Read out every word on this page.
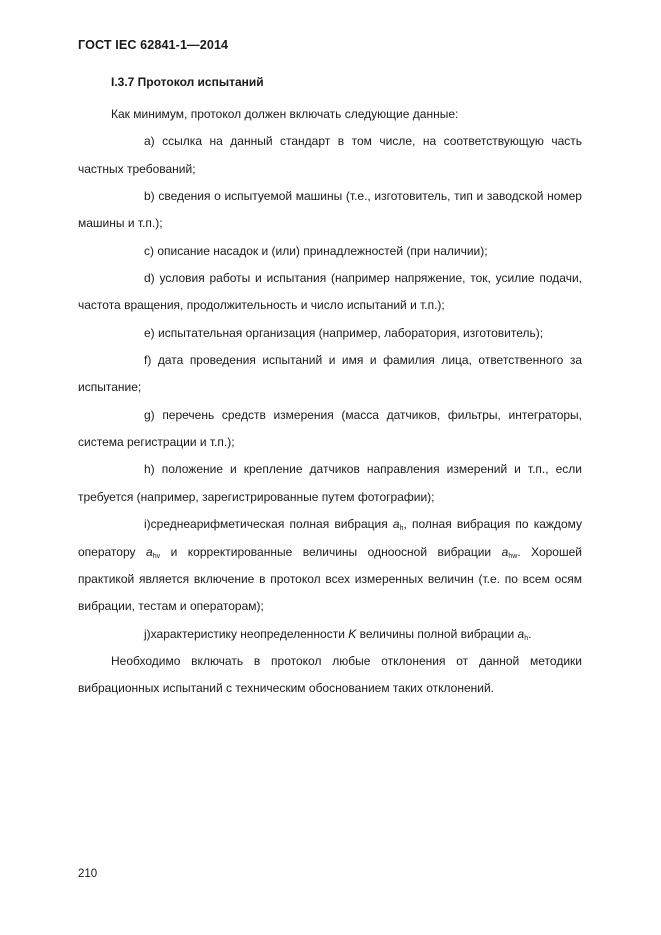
ГОСТ IEC 62841-1—2014
I.3.7 Протокол испытаний

Как минимум, протокол должен включать следующие данные:

a) ссылка на данный стандарт в том числе, на соответствующую часть частных требований;

b) сведения о испытуемой машины (т.е., изготовитель, тип и заводской номер машины и т.п.);

c) описание насадок и (или) принадлежностей (при наличии);

d) условия работы и испытания (например напряжение, ток, усилие подачи, частота вращения, продолжительность и число испытаний и т.п.);

e) испытательная организация (например, лаборатория, изготовитель);

f) дата проведения испытаний и имя и фамилия лица, ответственного за испытание;

g) перечень средств измерения (масса датчиков, фильтры, интеграторы, система регистрации и т.п.);

h) положение и крепление датчиков направления измерений и т.п., если требуется (например, зарегистрированные путем фотографии);

i)среднеарифметическая полная вибрация $a_h$, полная вибрация по каждому оператору $a_{hv}$ и корректированные величины одноосной вибрации $a_{hw}$. Хорошей практикой является включение в протокол всех измеренных величин (т.е. по всем осям вибрации, тестам и операторам);

j)характеристику неопределенности K величины полной вибрации $a_h$.

Необходимо включать в протокол любые отклонения от данной методики вибрационных испытаний с техническим обоснованием таких отклонений.

210
